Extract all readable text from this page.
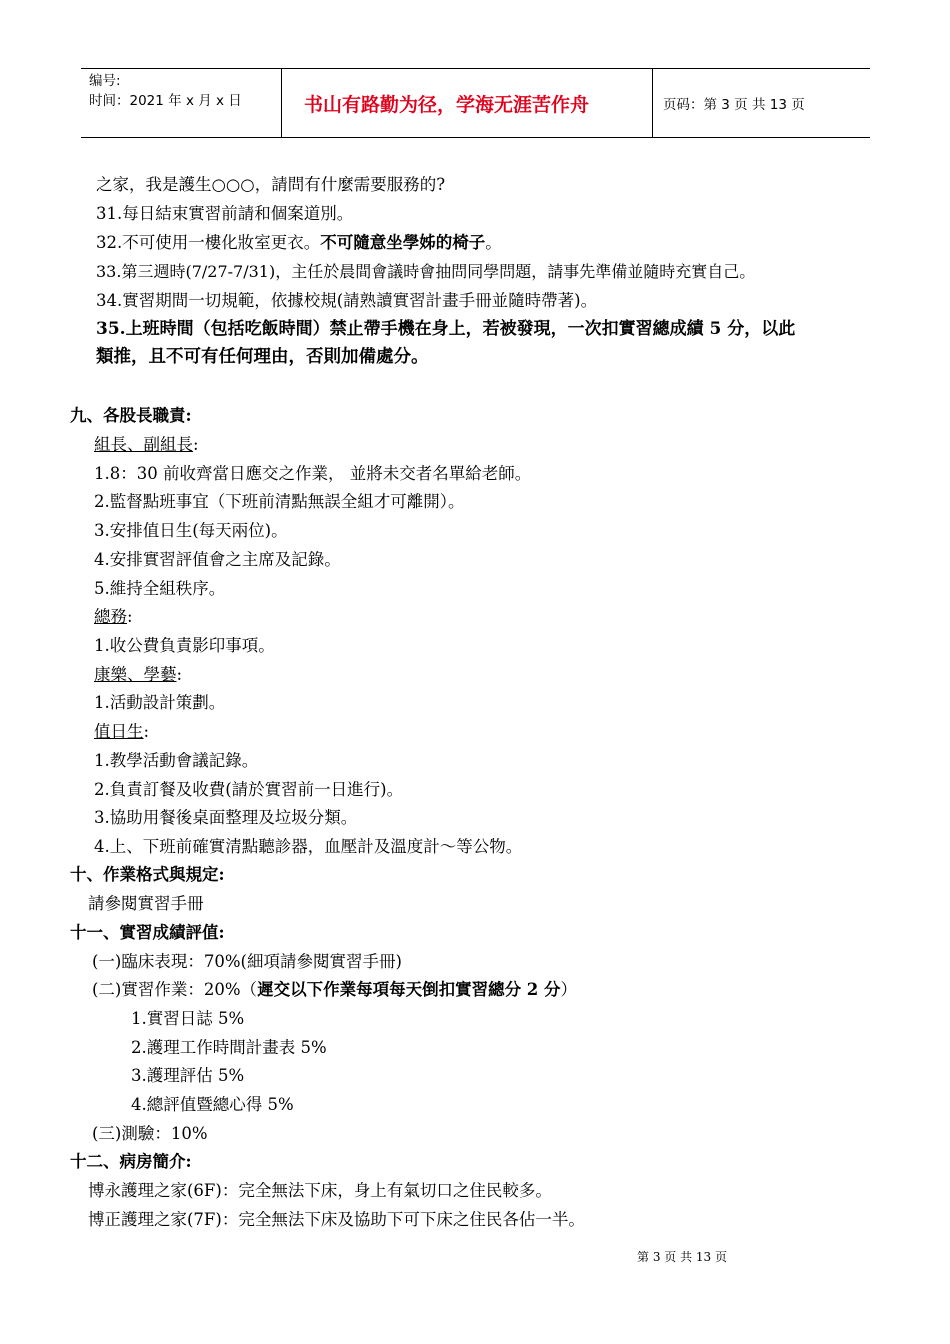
编号:
时间：2021 年 x 月 x 日	书山有路勤为径，学海无涯苦作舟	页码：第 3 页 共 13 页
之家，我是護生○○○，請問有什麼需要服務的?
31.每日結束實習前請和個案道別。
32.不可使用一樓化妝室更衣。不可隨意坐學姊的椅子。
33.第三週時(7/27-7/31)，主任於晨間會議時會抽問同學問題，請事先準備並隨時充實自己。
34.實習期間一切規範，依據校規(請熟讀實習計畫手冊並隨時帶著)。
35.上班時間（包括吃飯時間）禁止帶手機在身上，若被發現，一次扣實習總成績 5 分，以此
類推，且不可有任何理由，否則加備處分。
九、各股長職責:
組長、副組長:
1.8：30 前收齊當日應交之作業， 並將未交者名單給老師。
2.監督點班事宜（下班前清點無誤全組才可離開）。
3.安排值日生(每天兩位)。
4.安排實習評值會之主席及記錄。
5.維持全組秩序。
總務:
1.收公費負責影印事項。
康樂、學藝:
1.活動設計策劃。
值日生:
1.教學活動會議記錄。
2.負責訂餐及收費(請於實習前一日進行)。
3.協助用餐後桌面整理及垃圾分類。
4.上、下班前確實清點聽診器，血壓計及溫度計～等公物。
十、作業格式與規定:
請參閱實習手冊
十一、實習成績評值:
(一)臨床表現：70%(細項請參閱實習手冊)
(二)實習作業：20%（遲交以下作業每項每天倒扣實習總分 2 分）
1.實習日誌 5%
2.護理工作時間計畫表 5%
3.護理評估 5%
4.總評值暨總心得 5%
(三)測驗：10%
十二、病房簡介:
博永護理之家(6F)：完全無法下床，身上有氣切口之住民較多。
博正護理之家(7F)：完全無法下床及協助下可下床之住民各佔一半。
第 3 页 共 13 页
